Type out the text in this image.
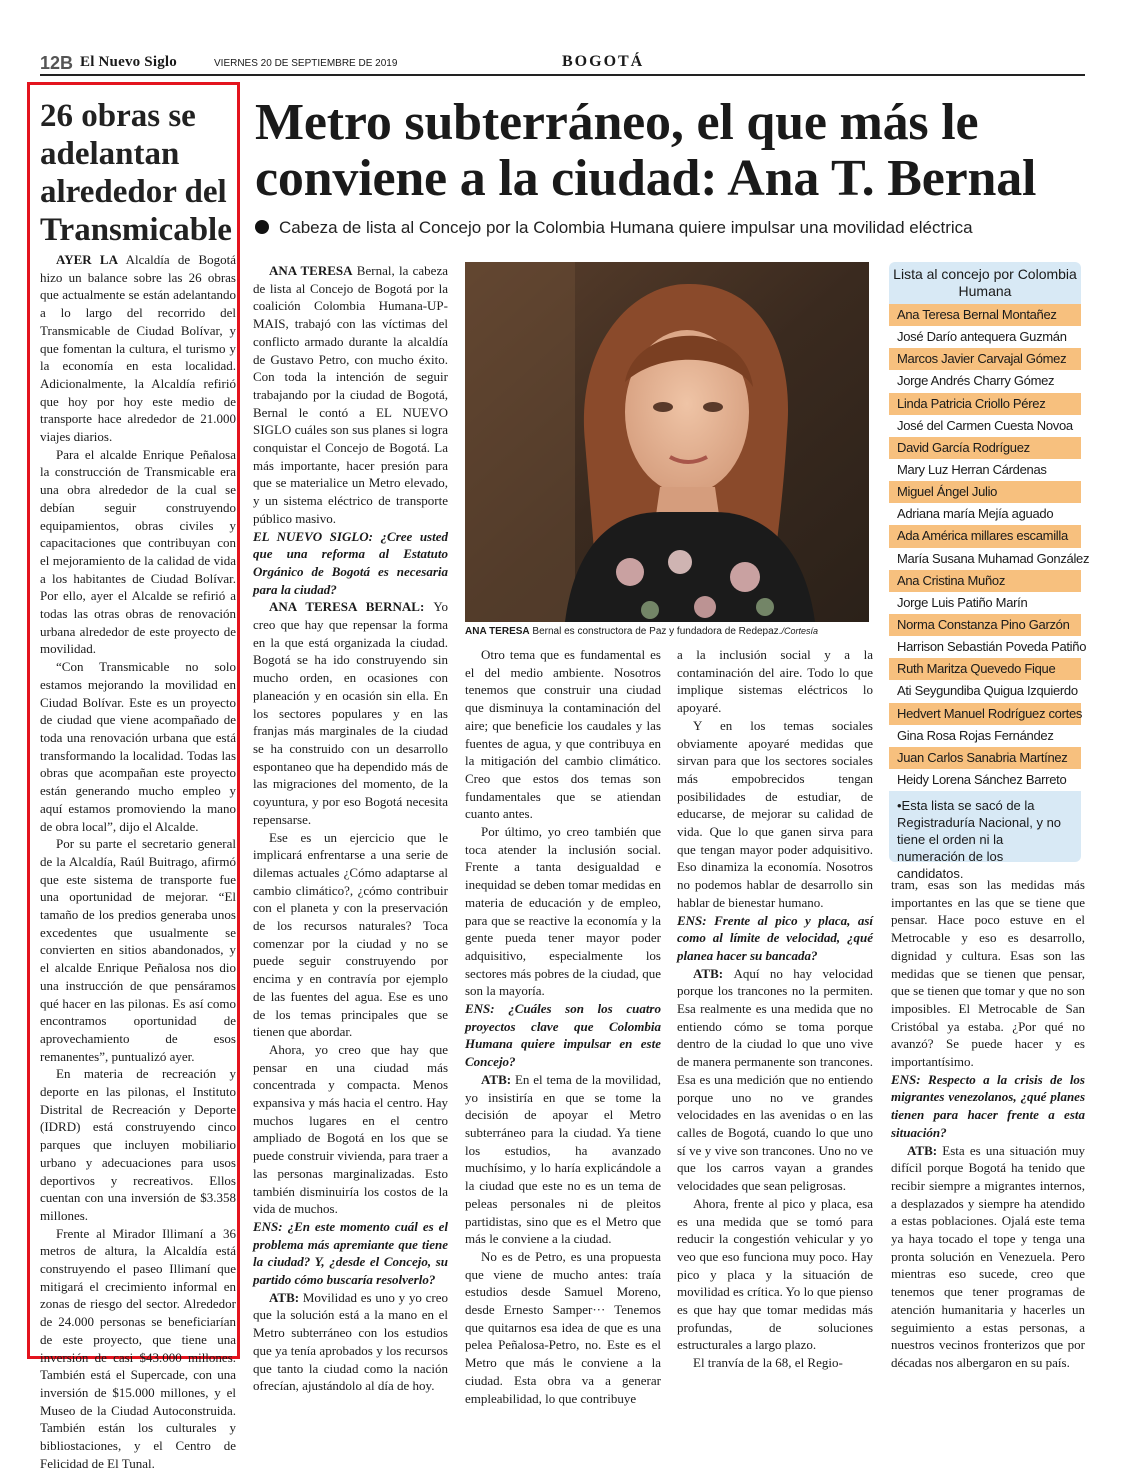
12B El Nuevo Siglo	VIERNES 20 DE SEPTIEMBRE DE 2019	BOGOTÁ
26 obras se adelantan alrededor del Transmicable

AYER LA Alcaldía de Bogotá hizo un balance sobre las 26 obras que actualmente se están adelantando a lo largo del recorrido del Transmicable de Ciudad Bolívar, y que fomentan la cultura, el turismo y la economía en esta localidad. Adicionalmente, la Alcaldía refirió que hoy por hoy este medio de transporte hace alrededor de 21.000 viajes diarios.

Para el alcalde Enrique Peñalosa la construcción de Transmicable era una obra alrededor de la cual se debían seguir construyendo equipamientos, obras civiles y capacitaciones que contribuyan con el mejoramiento de la calidad de vida a los habitantes de Ciudad Bolívar. Por ello, ayer el Alcalde se refirió a todas las otras obras de renovación urbana alrededor de este proyecto de movilidad.

“Con Transmicable no solo estamos mejorando la movilidad en Ciudad Bolívar. Este es un proyecto de ciudad que viene acompañado de toda una renovación urbana que está transformando la localidad. Todas las obras que acompañan este proyecto están generando mucho empleo y aquí estamos promoviendo la mano de obra local”, dijo el Alcalde.

Por su parte el secretario general de la Alcaldía, Raúl Buitrago, afirmó que este sistema de transporte fue una oportunidad de mejorar. “El tamaño de los predios generaba unos excedentes que usualmente se convierten en sitios abandonados, y el alcalde Enrique Peñalosa nos dio una instrucción de que pensáramos qué hacer en las pilonas. Es así como encontramos oportunidad de aprovechamiento de esos remanentes”, puntualizó ayer.

En materia de recreación y deporte en las pilonas, el Instituto Distrital de Recreación y Deporte (IDRD) está construyendo cinco parques que incluyen mobiliario urbano y adecuaciones para usos deportivos y recreativos. Ellos cuentan con una inversión de $3.358 millones.

Frente al Mirador Illimaní a 36 metros de altura, la Alcaldía está construyendo el paseo Illimaní que mitigará el crecimiento informal en zonas de riesgo del sector. Alrededor de 24.000 personas se beneficiarían de este proyecto, que tiene una inversión de casi $43.000 millones. También está el Supercade, con una inversión de $15.000 millones, y el Museo de la Ciudad Autoconstruida. También están los culturales y bibliostaciones, y el Centro de Felicidad de El Tunal.

Metro subterráneo, el que más le conviene a la ciudad: Ana T. Bernal
Cabeza de lista al Concejo por la Colombia Humana quiere impulsar una movilidad eléctrica

ANA TERESA Bernal, la cabeza de lista al Concejo de Bogotá por la coalición Colombia Humana-UP-MAIS, trabajó con las víctimas del conflicto armado durante la alcaldía de Gustavo Petro, con mucho éxito. Con toda la intención de seguir trabajando por la ciudad de Bogotá, Bernal le contó a EL NUEVO SIGLO cuáles son sus planes si logra conquistar el Concejo de Bogotá. La más importante, hacer presión para que se materialice un Metro elevado, y un sistema eléctrico de transporte público masivo.

EL NUEVO SIGLO: ¿Cree usted que una reforma al Estatuto Orgánico de Bogotá es necesaria para la ciudad?

ANA TERESA BERNAL: Yo creo que hay que repensar la forma en la que está organizada la ciudad. Bogotá se ha ido construyendo sin mucho orden, en ocasiones con planeación y en ocasión sin ella. En los sectores populares y en las franjas más marginales de la ciudad se ha construido con un desarrollo espontaneo que ha dependido más de las migraciones del momento, de la coyuntura, y por eso Bogotá necesita repensarse.

Ese es un ejercicio que le implicará enfrentarse a una serie de dilemas actuales ¿Cómo adaptarse al cambio climático?, ¿cómo contribuir con el planeta y con la preservación de los recursos naturales? Toca comenzar por la ciudad y no se puede seguir construyendo por encima y en contravía por ejemplo de las fuentes del agua. Ese es uno de los temas principales que se tienen que abordar.

Ahora, yo creo que hay que pensar en una ciudad más concentrada y compacta. Menos expansiva y más hacia el centro. Hay muchos lugares en el centro ampliado de Bogotá en los que se puede construir vivienda, para traer a las personas marginalizadas. Esto también disminuiría los costos de la vida de muchos.

ENS: ¿En este momento cuál es el problema más apremiante que tiene la ciudad? Y, ¿desde el Concejo, su partido cómo buscaría resolverlo?

ATB: Movilidad es uno y yo creo que la solución está a la mano en el Metro subterráneo con los estudios que ya tenía aprobados y los recursos que tanto la ciudad como la nación ofrecían, ajustándolo al día de hoy.

ANA TERESA Bernal es constructora de Paz y fundadora de Redepaz./Cortesía

Otro tema que es fundamental es el del medio ambiente. Nosotros tenemos que construir una ciudad que disminuya la contaminación del aire; que beneficie los caudales y las fuentes de agua, y que contribuya en la mitigación del cambio climático. Creo que estos dos temas son fundamentales que se atiendan cuanto antes.

Por último, yo creo también que toca atender la inclusión social. Frente a tanta desigualdad e inequidad se deben tomar medidas en materia de educación y de empleo, para que se reactive la economía y la gente pueda tener mayor poder adquisitivo, especialmente los sectores más pobres de la ciudad, que son la mayoría.

ENS: ¿Cuáles son los cuatro proyectos clave que Colombia Humana quiere impulsar en este Concejo?

ATB: En el tema de la movilidad, yo insistiría en que se tome la decisión de apoyar el Metro subterráneo para la ciudad. Ya tiene los estudios, ha avanzado muchísimo, y lo haría explicándole a la ciudad que este no es un tema de peleas personales ni de pleitos partidistas, sino que es el Metro que más le conviene a la ciudad.

No es de Petro, es una propuesta que viene de mucho antes: traía estudios desde Samuel Moreno, desde Ernesto Samper··· Tenemos que quitarnos esa idea de que es una pelea Peñalosa-Petro, no. Este es el Metro que más le conviene a la ciudad. Esta obra va a generar empleabilidad, lo que contribuye

a la inclusión social y a la contaminación del aire. Todo lo que implique sistemas eléctricos lo apoyaré.

Y en los temas sociales obviamente apoyaré medidas que sirvan para que los sectores sociales más empobrecidos tengan posibilidades de estudiar, de educarse, de mejorar su calidad de vida. Que lo que ganen sirva para que tengan mayor poder adquisitivo. Eso dinamiza la economía. Nosotros no podemos hablar de desarrollo sin hablar de bienestar humano.

ENS: Frente al pico y placa, así como al límite de velocidad, ¿qué planea hacer su bancada?

ATB: Aquí no hay velocidad porque los trancones no la permiten. Esa realmente es una medida que no entiendo cómo se toma porque dentro de la ciudad lo que uno vive de manera permanente son trancones. Esa es una medición que no entiendo porque uno no ve grandes velocidades en las avenidas o en las calles de Bogotá, cuando lo que uno sí ve y vive son trancones. Uno no ve que los carros vayan a grandes velocidades que sean peligrosas.

Ahora, frente al pico y placa, esa es una medida que se tomó para reducir la congestión vehicular y yo veo que eso funciona muy poco. Hay pico y placa y la situación de movilidad es crítica. Yo lo que pienso es que hay que tomar medidas más profundas, de soluciones estructurales a largo plazo.

El tranvía de la 68, el Regio-

Lista al concejo por Colombia Humana
Ana Teresa Bernal Montañez
José Darío antequera Guzmán
Marcos Javier Carvajal Gómez
Jorge Andrés Charry Gómez
Linda Patricia Criollo Pérez
José del Carmen Cuesta Novoa
David García Rodríguez
Mary Luz Herran Cárdenas
Miguel Ángel Julio
Adriana maría Mejía aguado
Ada América millares escamilla
María Susana Muhamad González
Ana Cristina Muñoz
Jorge Luis Patiño Marín
Norma Constanza Pino Garzón
Harrison Sebastián Poveda Patiño
Ruth Maritza Quevedo Fique
Ati Seygundiba Quigua Izquierdo
Hedvert Manuel Rodríguez cortes
Gina Rosa Rojas Fernández
Juan Carlos Sanabria Martínez
Heidy Lorena Sánchez Barreto
•Esta lista se sacó de la Registraduría Nacional, y no tiene el orden ni la numeración de los candidatos.

tram, esas son las medidas más importantes en las que se tiene que pensar. Hace poco estuve en el Metrocable y eso es desarrollo, dignidad y cultura. Esas son las medidas que se tienen que pensar, que se tienen que tomar y que no son imposibles. El Metrocable de San Cristóbal ya estaba. ¿Por qué no avanzó? Se puede hacer y es importantísimo.

ENS: Respecto a la crisis de los migrantes venezolanos, ¿qué planes tienen para hacer frente a esta situación?

ATB: Esta es una situación muy difícil porque Bogotá ha tenido que recibir siempre a migrantes internos, a desplazados y siempre ha atendido a estas poblaciones. Ojalá este tema ya haya tocado el tope y tenga una pronta solución en Venezuela. Pero mientras eso sucede, creo que tenemos que tener programas de atención humanitaria y hacerles un seguimiento a estas personas, a nuestros vecinos fronterizos que por décadas nos albergaron en su país.
